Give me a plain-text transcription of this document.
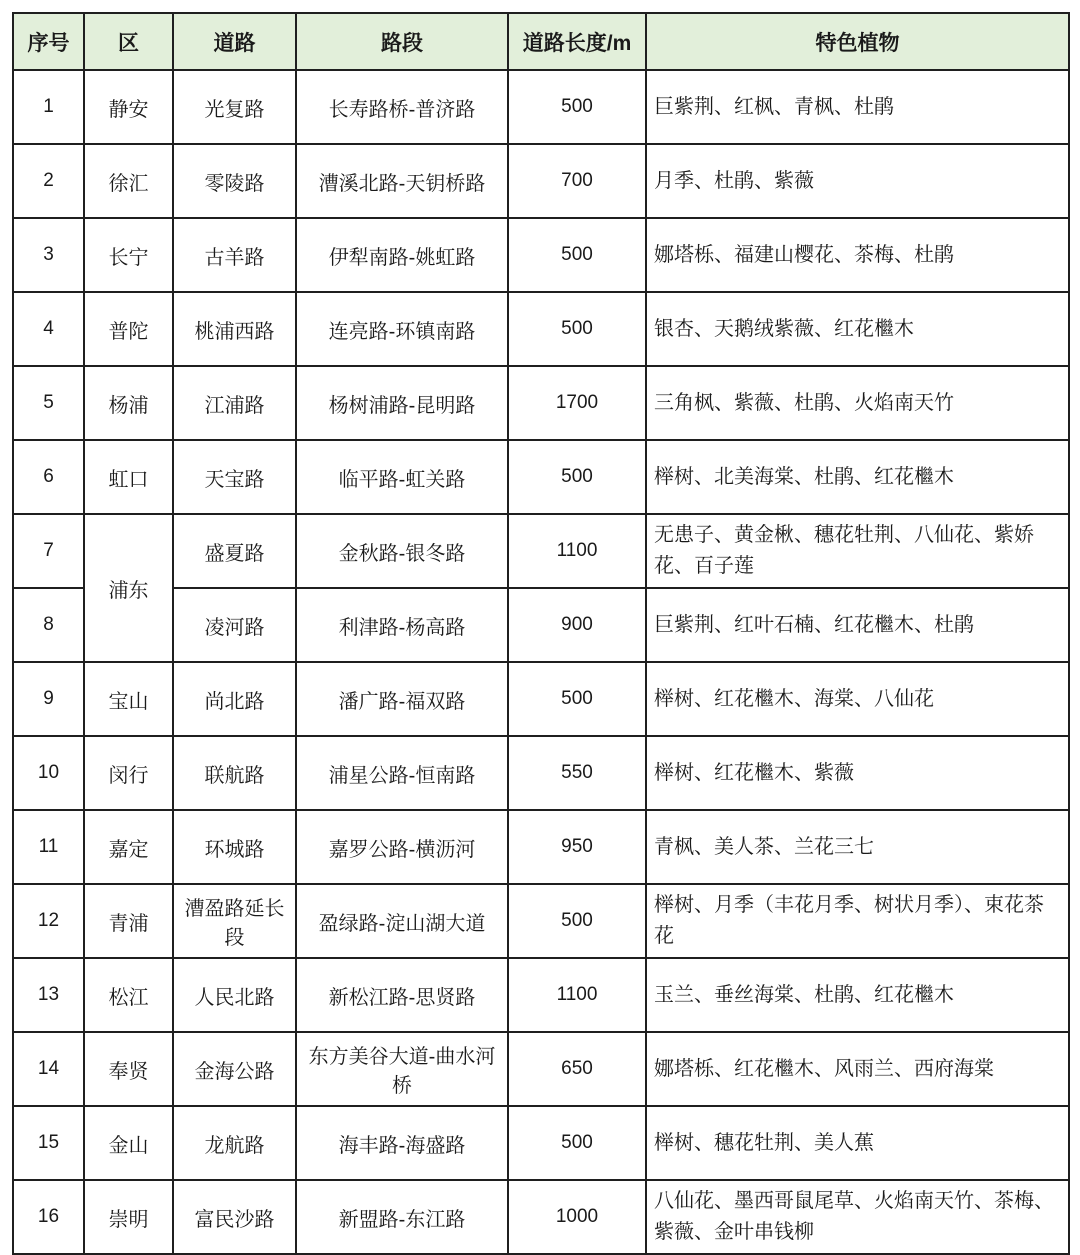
序号	区	道路	路段	道路长度/m	特色植物
1	静安	光复路	长寿路桥-普济路	500	巨紫荆、红枫、青枫、杜鹃
2	徐汇	零陵路	漕溪北路-天钥桥路	700	月季、杜鹃、紫薇
3	长宁	古羊路	伊犁南路-姚虹路	500	娜塔栎、福建山樱花、茶梅、杜鹃
4	普陀	桃浦西路	连亮路-环镇南路	500	银杏、天鹅绒紫薇、红花檵木
5	杨浦	江浦路	杨树浦路-昆明路	1700	三角枫、紫薇、杜鹃、火焰南天竹
6	虹口	天宝路	临平路-虹关路	500	榉树、北美海棠、杜鹃、红花檵木
7	浦东	盛夏路	金秋路-银冬路	1100	无患子、黄金楸、穗花牡荆、八仙花、紫娇花、百子莲
8		凌河路	利津路-杨高路	900	巨紫荆、红叶石楠、红花檵木、杜鹃
9	宝山	尚北路	潘广路-福双路	500	榉树、红花檵木、海棠、八仙花
10	闵行	联航路	浦星公路-恒南路	550	榉树、红花檵木、紫薇
11	嘉定	环城路	嘉罗公路-横沥河	950	青枫、美人茶、兰花三七
12	青浦	漕盈路延长段	盈绿路-淀山湖大道	500	榉树、月季（丰花月季、树状月季）、束花茶花
13	松江	人民北路	新松江路-思贤路	1100	玉兰、垂丝海棠、杜鹃、红花檵木
14	奉贤	金海公路	东方美谷大道-曲水河桥	650	娜塔栎、红花檵木、风雨兰、西府海棠
15	金山	龙航路	海丰路-海盛路	500	榉树、穗花牡荆、美人蕉
16	崇明	富民沙路	新盟路-东江路	1000	八仙花、墨西哥鼠尾草、火焰南天竹、茶梅、紫薇、金叶串钱柳
